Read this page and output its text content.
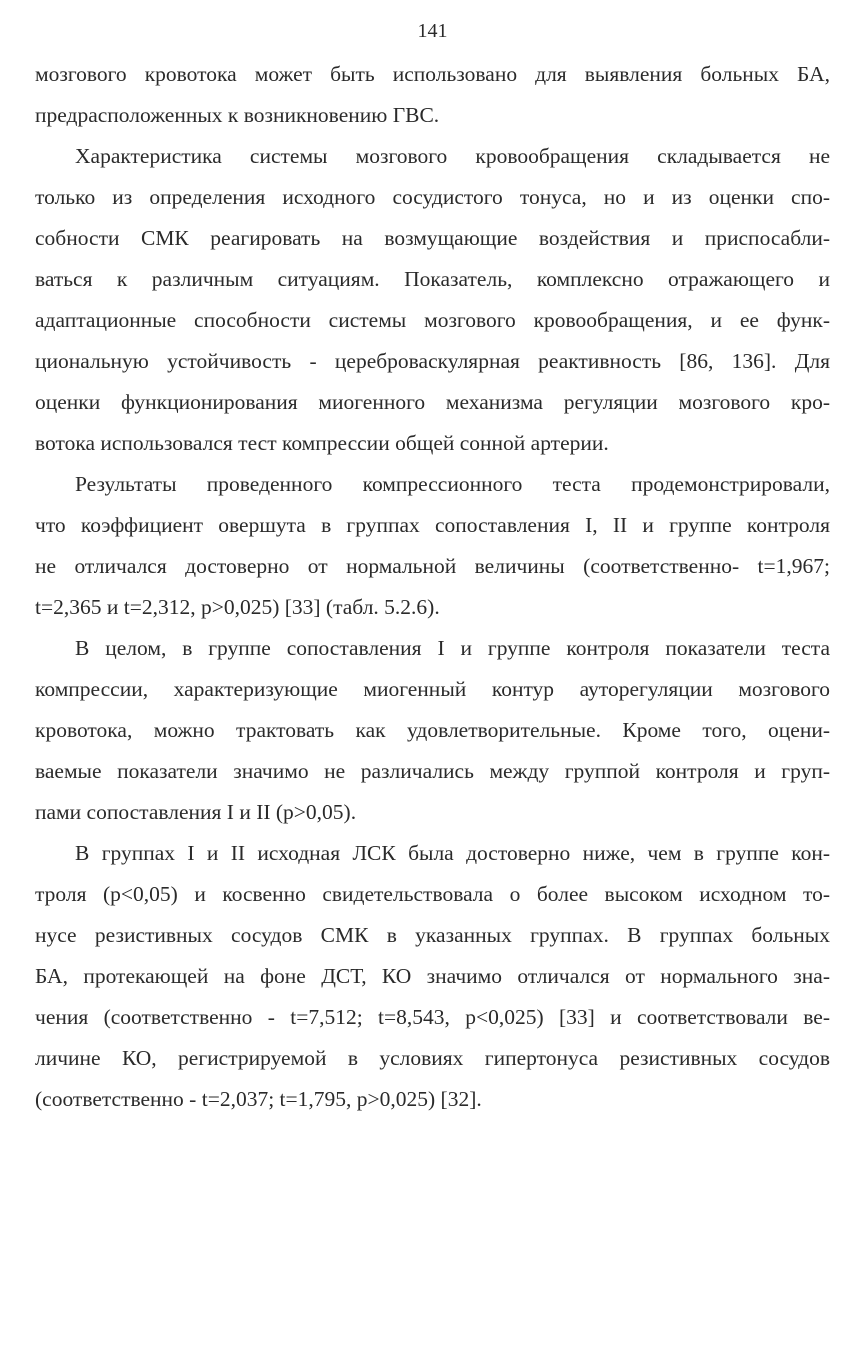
141
мозгового кровотока может быть использовано для выявления больных БА,
предрасположенных к возникновению ГВС.
Характеристика системы мозгового кровообращения складывается не
только из определения исходного сосудистого тонуса, но и из оценки спо-
собности СМК реагировать на возмущающие воздействия и приспосабли-
ваться к различным ситуациям. Показатель, комплексно отражающего и
адаптационные способности системы мозгового кровообращения, и ее функ-
циональную устойчивость - цереброваскулярная реактивность [86, 136]. Для
оценки функционирования миогенного механизма регуляции мозгового кро-
вотока использовался тест компрессии общей сонной артерии.
Результаты проведенного компрессионного теста продемонстрировали,
что коэффициент овершута в группах сопоставления I, II и группе контроля
не отличался достоверно от нормальной величины (соответственно- t=1,967;
t=2,365 и t=2,312, р>0,025) [33] (табл. 5.2.6).
В целом, в группе сопоставления I и группе контроля показатели теста
компрессии, характеризующие миогенный контур ауторегуляции мозгового
кровотока, можно трактовать как удовлетворительные. Кроме того, оцени-
ваемые показатели значимо не различались между группой контроля и груп-
пами сопоставления I и II (р>0,05).
В группах I и II исходная ЛСК была достоверно ниже, чем в группе кон-
троля (р<0,05) и косвенно свидетельствовала о более высоком исходном то-
нусе резистивных сосудов СМК в указанных группах. В группах больных
БА, протекающей на фоне ДСТ, КО значимо отличался от нормального зна-
чения (соответственно - t=7,512; t=8,543, р<0,025) [33] и соответствовали ве-
личине КО, регистрируемой в условиях гипертонуса резистивных сосудов
(соответственно - t=2,037; t=1,795, р>0,025) [32].
